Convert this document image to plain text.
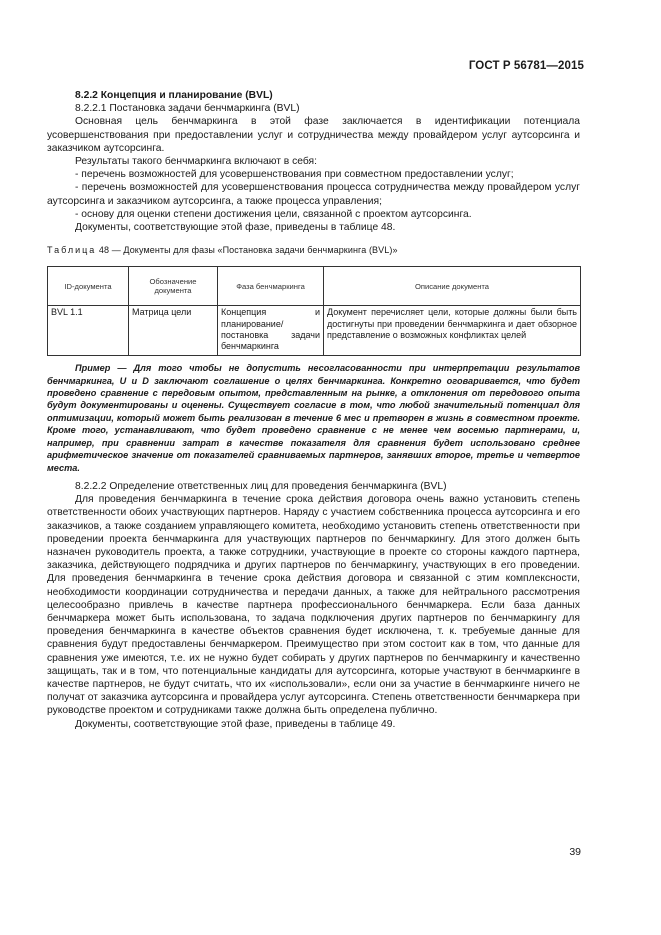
ГОСТ Р 56781—2015

8.2.2 Концепция и планирование (BVL)

8.2.2.1 Постановка задачи бенчмаркинга (BVL)

Основная цель бенчмаркинга в этой фазе заключается в идентификации потенциала усовершенствования при предоставлении услуг и сотрудничества между провайдером услуг аутсорсинга и заказчиком аутсорсинга.

Результаты такого бенчмаркинга включают в себя:

- перечень возможностей для усовершенствования при совместном предоставлении услуг;

- перечень возможностей для усовершенствования процесса сотрудничества между провайдером услуг аутсорсинга и заказчиком аутсорсинга, а также процесса управления;

- основу для оценки степени достижения цели, связанной с проектом аутсорсинга.

Документы, соответствующие этой фазе, приведены в таблице 48.

Таблица 48 — Документы для фазы «Постановка задачи бенчмаркинга (BVL)»

ID-документа	Обозначение документа	Фаза бенчмаркинга	Описание документа
BVL 1.1	Матрица цели	Концепция и планирование/постановка задачи бенчмаркинга	Документ перечисляет цели, которые должны были быть достигнуты при проведении бенчмаркинга и дает обзорное представление о возможных конфликтах целей

Пример — Для того чтобы не допустить несогласованности при интерпретации результатов бенчмаркинга, U и D заключают соглашение о целях бенчмаркинга. Конкретно оговаривается, что будет проведено сравнение с передовым опытом, представленным на рынке, а отклонения от передового опыта будут документированы и оценены. Существует согласие в том, что любой значительный потенциал для оптимизации, который может быть реализован в течение 6 мес и претворен в жизнь в совместном проекте. Кроме того, устанавливают, что будет проведено сравнение с не менее чем восемью партнерами, и, например, при сравнении затрат в качестве показателя для сравнения будет использовано среднее арифметическое значение от показателей сравниваемых партнеров, занявших второе, третье и четвертое места.

8.2.2.2 Определение ответственных лиц для проведения бенчмаркинга (BVL)

Для проведения бенчмаркинга в течение срока действия договора очень важно установить степень ответственности обоих участвующих партнеров. Наряду с участием собственника процесса аутсорсинга и его заказчиков, а также созданием управляющего комитета, необходимо установить степень ответственности при проведении проекта бенчмаркинга для участвующих партнеров по бенчмаркингу. Для этого должен быть назначен руководитель проекта, а также сотрудники, участвующие в проекте со стороны каждого партнера, заказчика, действующего подрядчика и других партнеров по бенчмаркингу, участвующих в его проведении. Для проведения бенчмаркинга в течение срока действия договора и связанной с этим комплексности, необходимости координации сотрудничества и передачи данных, а также для нейтрального рассмотрения целесообразно привлечь в качестве партнера профессионального бенчмаркера. Если база данных бенчмаркера может быть использована, то задача подключения других партнеров по бенчмаркингу для проведения бенчмаркинга в качестве объектов сравнения будет исключена, т. к. требуемые данные для сравнения будут предоставлены бенчмаркером. Преимущество при этом состоит как в том, что данные для сравнения уже имеются, т.е. их не нужно будет собирать у других партнеров по бенчмаркингу и качественно защищать, так и в том, что потенциальные кандидаты для аутсорсинга, которые участвуют в бенчмаркинге в качестве партнеров, не будут считать, что их «использовали», если они за участие в бенчмаркинге ничего не получат от заказчика аутсорсинга и провайдера услуг аутсорсинга. Степень ответственности бенчмаркера при руководстве проектом и сотрудниками также должна быть определена публично.

Документы, соответствующие этой фазе, приведены в таблице 49.

39
